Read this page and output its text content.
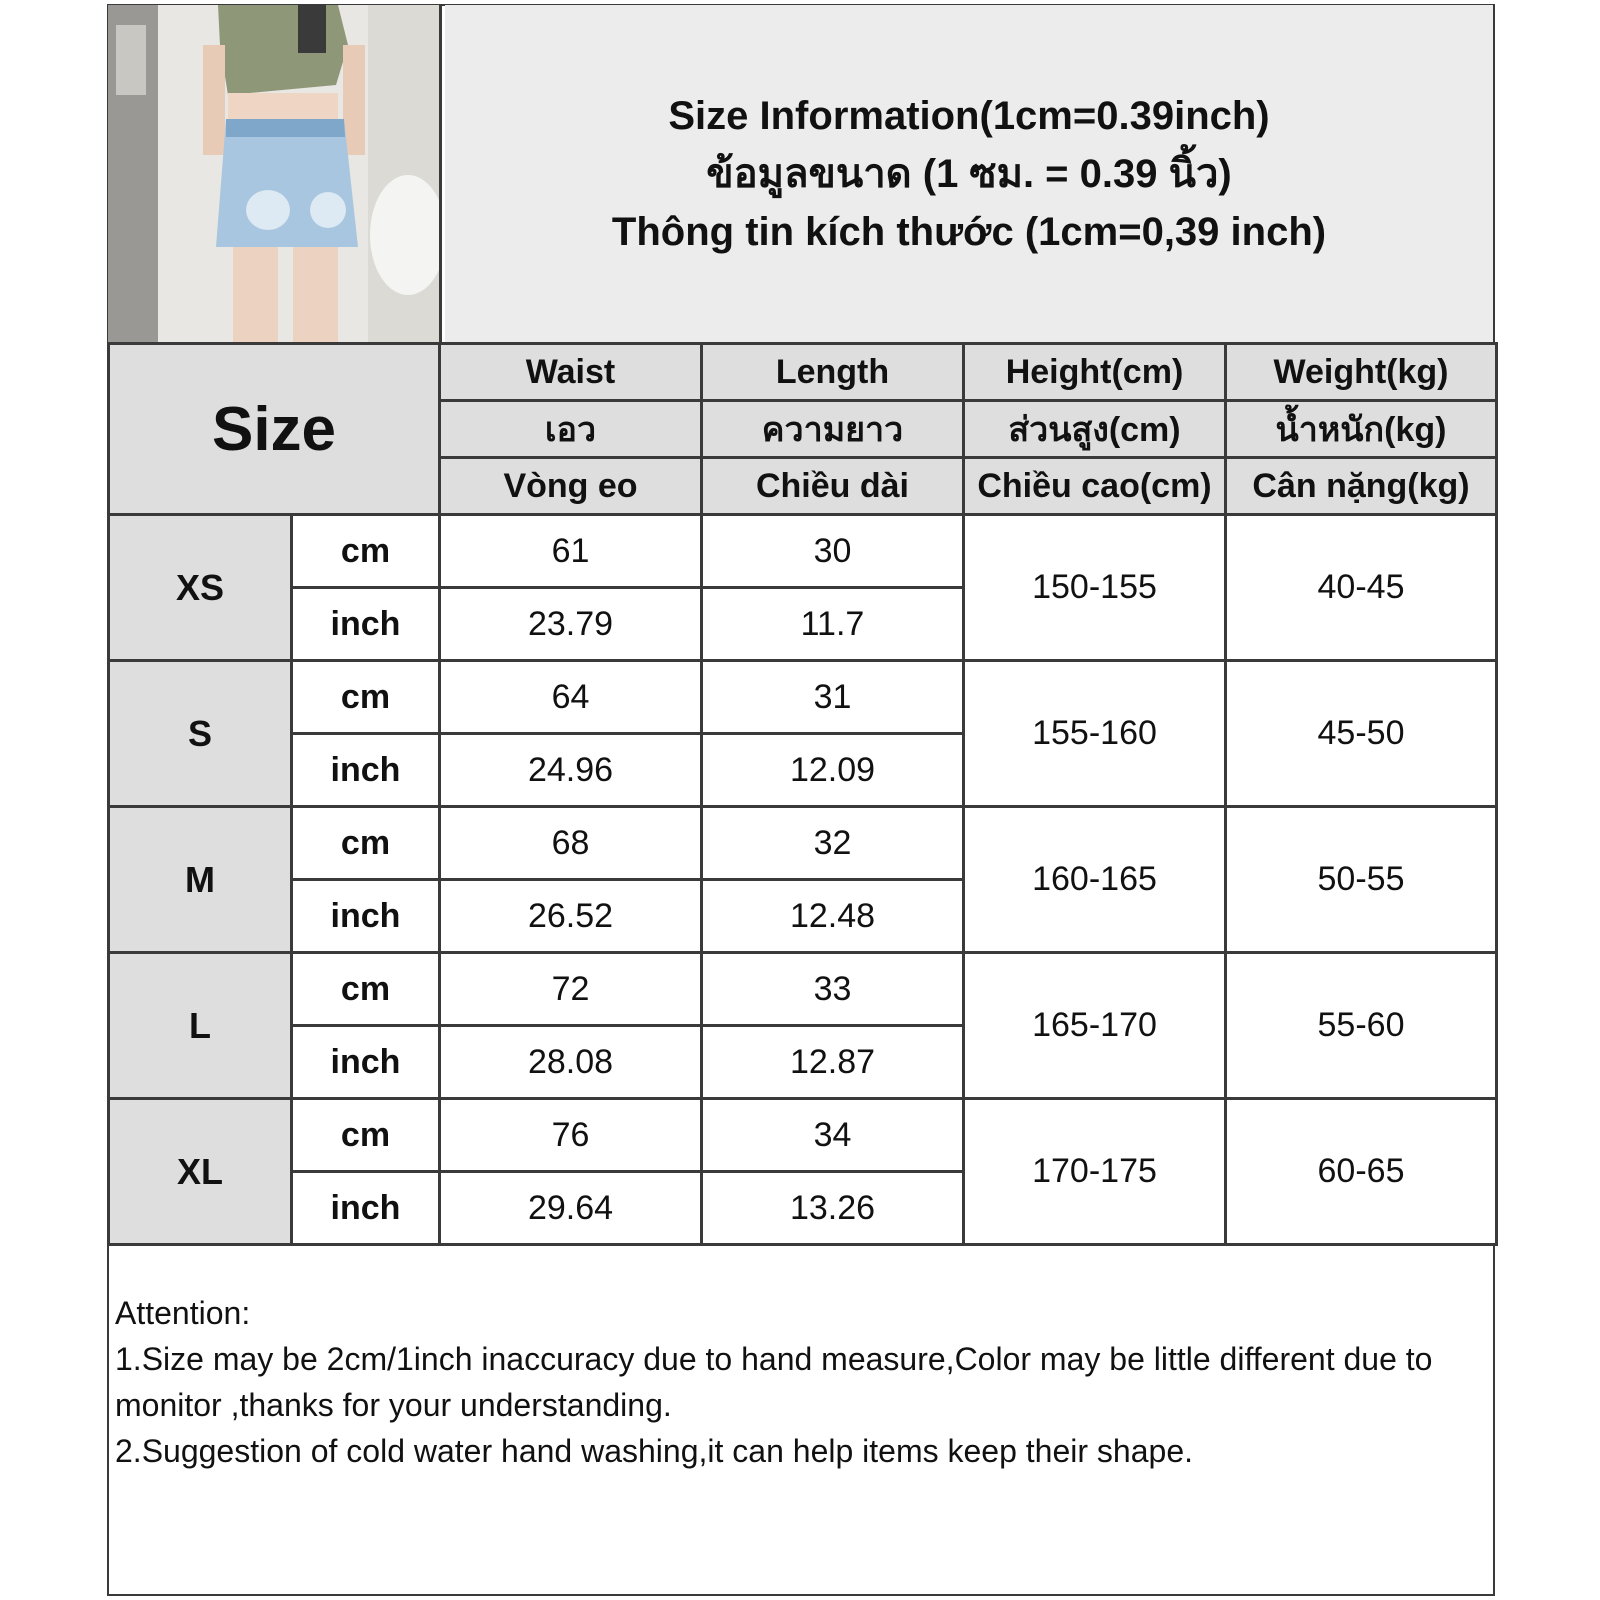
Size Information(1cm=0.39inch)
ข้อมูลขนาด (1 ซม. = 0.39 นิ้ว)
Thông tin kích thước (1cm=0,39 inch)
Size		Waist	Length	Height(cm)	Weight(kg)
		เอว	ความยาว	ส่วนสูง(cm)	น้ำหนัก(kg)
		Vòng eo	Chiều dài	Chiều cao(cm)	Cân nặng(kg)
XS	cm	61	30	150-155	40-45
	inch	23.79	11.7		
S	cm	64	31	155-160	45-50
	inch	24.96	12.09		
M	cm	68	32	160-165	50-55
	inch	26.52	12.48		
L	cm	72	33	165-170	55-60
	inch	28.08	12.87		
XL	cm	76	34	170-175	60-65
	inch	29.64	13.26		
Attention:
1.Size may be 2cm/1inch inaccuracy due to hand measure,Color may be little different due to monitor ,thanks for your understanding.
2.Suggestion of cold water hand washing,it can help items keep their shape.
